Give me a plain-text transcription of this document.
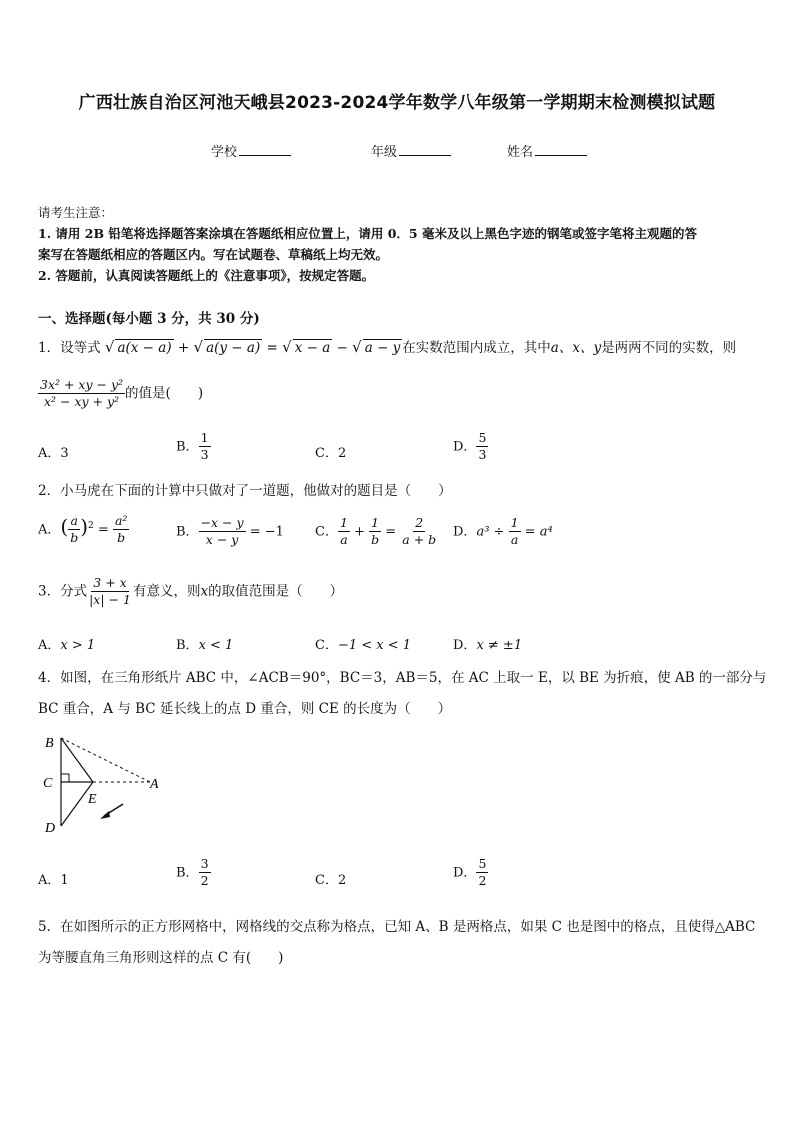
广西壮族自治区河池天峨县2023-2024学年数学八年级第一学期期末检测模拟试题
学校	年级	姓名
请考生注意：
1. 请用 2B 铅笔将选择题答案涂填在答题纸相应位置上，请用 0．5 毫米及以上黑色字迹的钢笔或签字笔将主观题的答
案写在答题纸相应的答题区内。写在试题卷、草稿纸上均无效。
2. 答题前，认真阅读答题纸上的《注意事项》，按规定答题。
一、选择题(每小题 3 分，共 30 分)
1．设等式 √ a(x − a) + √ a(y − a) = √ x − a − √ a − y 在实数范围内成立，其中a、x、y是两两不同的实数，则
$\frac{\text{3x² + xy − y²}}{\text{x² − xy + y²}}$ 的值是(　　)
A．3	B． $\frac{1}{3}$	C．2	D． $\frac{5}{3}$
2．小马虎在下面的计算中只做对了一道题，他做对的题目是（　　）
A．( $\frac{a}{b} )^2 = \frac{\text{a²}}{b}$	B． $\frac{-x - y}{x - y} = -1$ C． $\frac{1}{a} + \frac{1}{b} = \frac{2}{a + b}$ D．$a^3 \div \frac{1}{a} = a^4$
3．分式 $\frac{3 + x}{|x| - 1}$ 有意义，则x的取值范围是（　　）
A．x > 1	B．x < 1	C．−1 < x < 1	D．x ≠ ±1
4．如图，在三角形纸片 ABC 中，∠ACB＝90°，BC＝3，AB＝5，在 AC 上取一 E，以 BE 为折痕，使 AB 的一部分与
BC 重合，A 与 BC 延长线上的点 D 重合，则 CE 的长度为（　　）
B
C	A
E
D
A．1
B． $\frac{3}{2}$	C．2
D． $\frac{5}{2}$
5．在如图所示的正方形网格中，网格线的交点称为格点，已知 A、B 是两格点，如果 C 也是图中的格点，且使得△ABC
为等腰直角三角形则这样的点 C 有(　　)
